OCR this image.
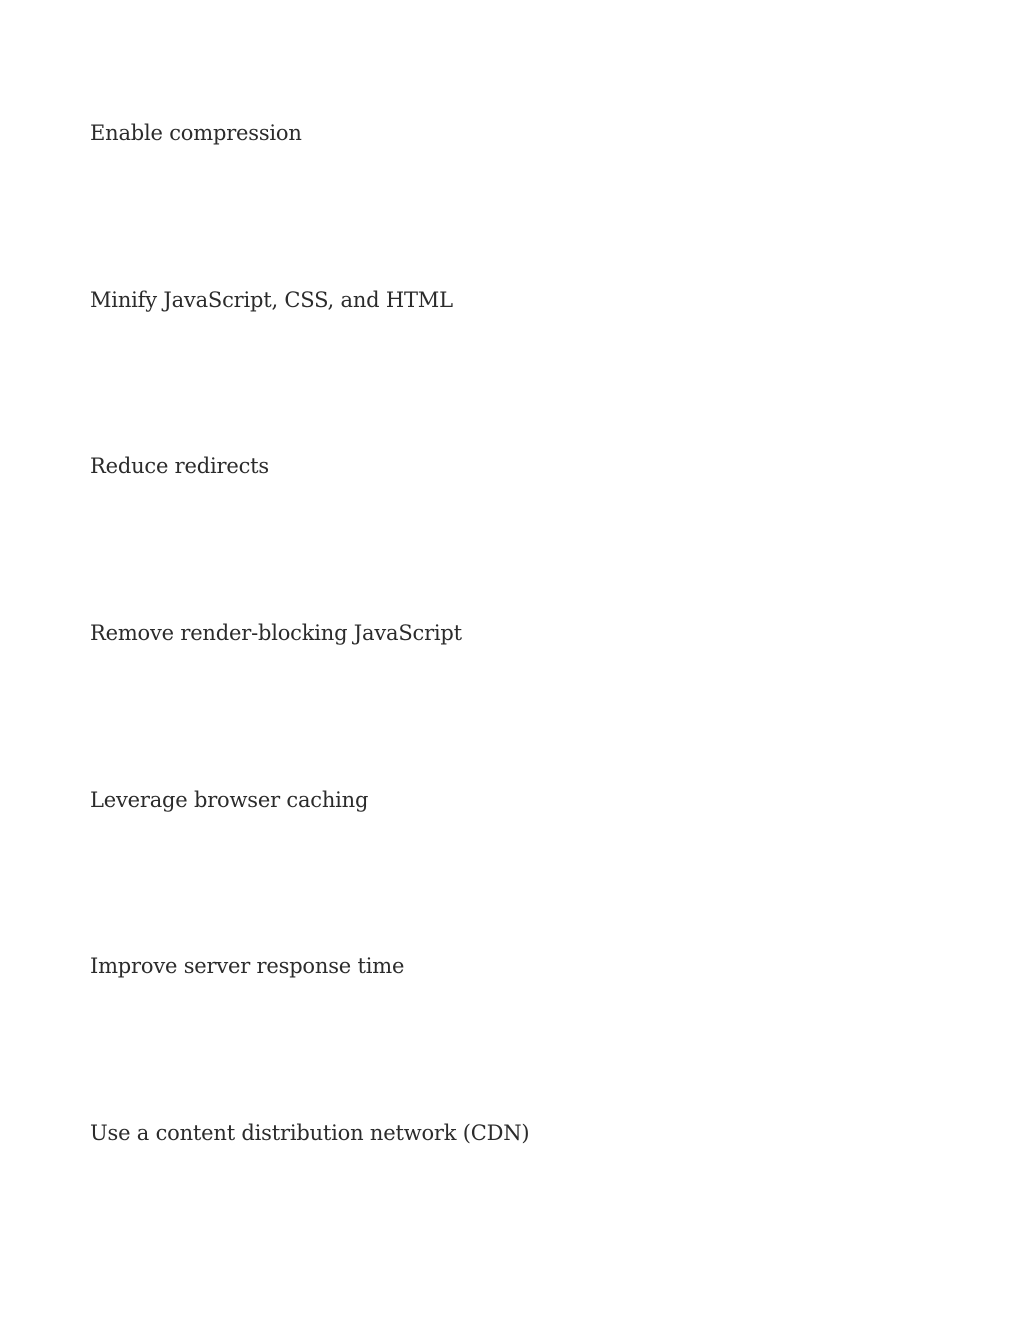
Enable compression
Minify JavaScript, CSS, and HTML
Reduce redirects
Remove render-blocking JavaScript
Leverage browser caching
Improve server response time
Use a content distribution network (CDN)
